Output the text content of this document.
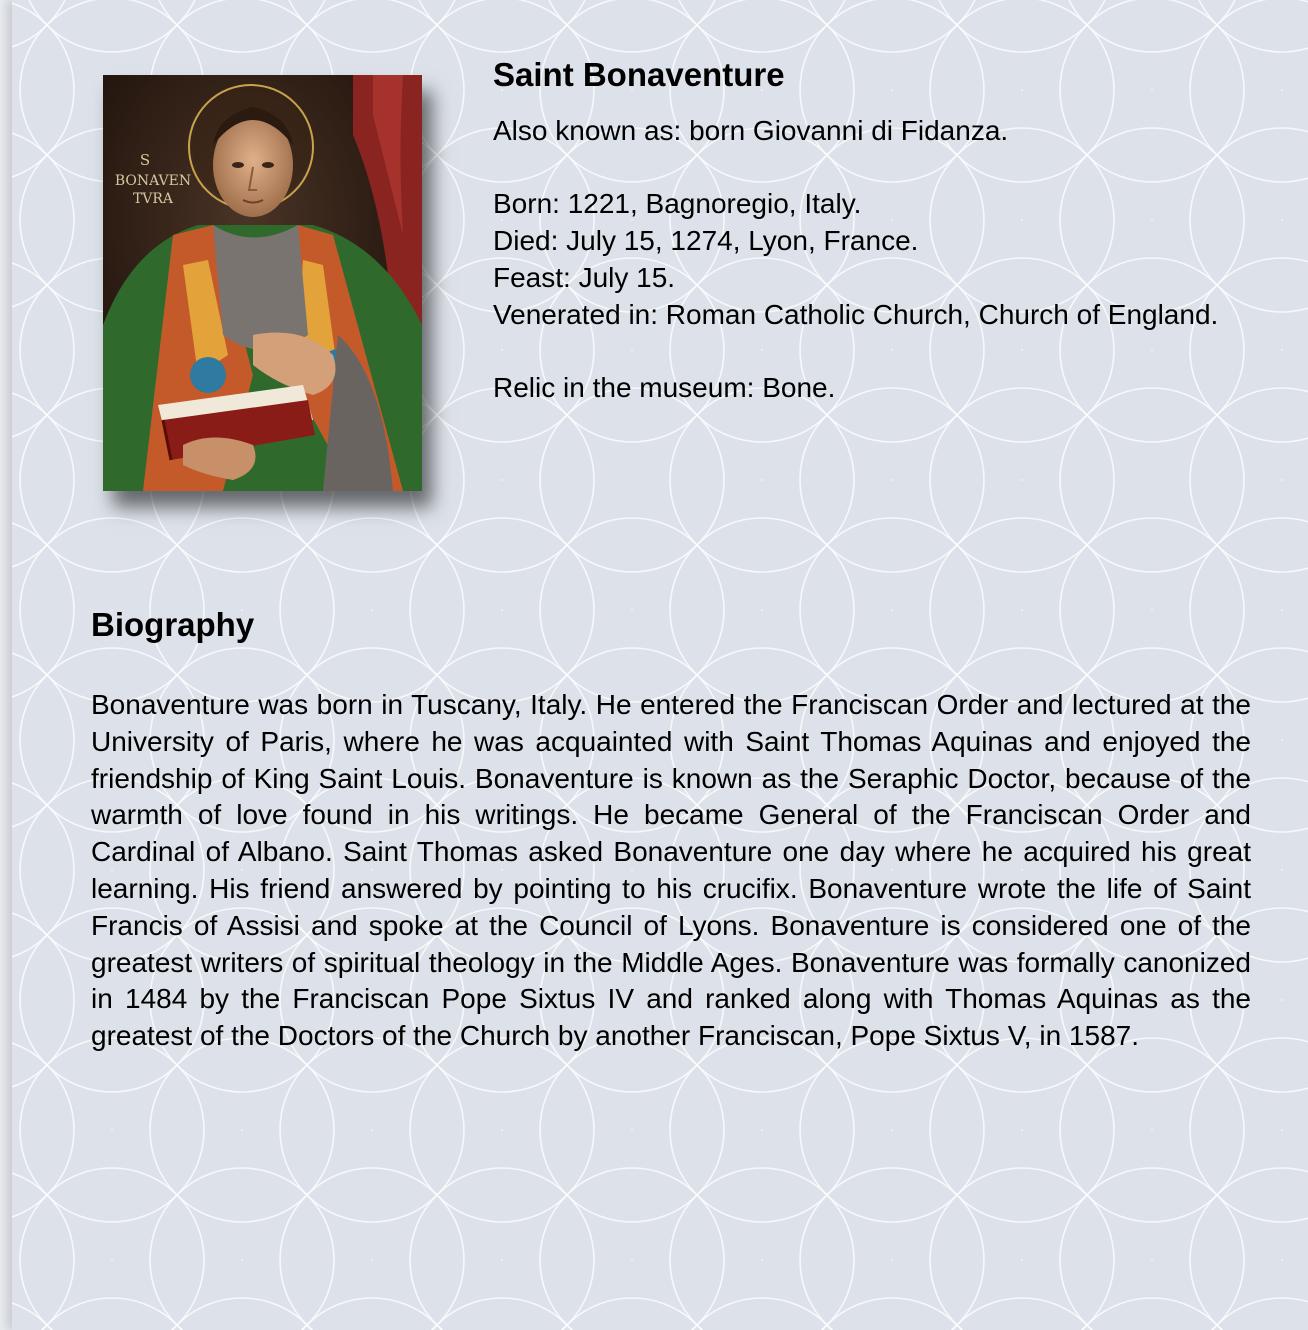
S
BONAVEN
TVRA
Saint Bonaventure

Also known as: born Giovanni di Fidanza.

Born: 1221, Bagnoregio, Italy.

Died: July 15, 1274, Lyon, France.

Feast: July 15.

Venerated in: Roman Catholic Church, Church of England.

Relic in the museum: Bone.

Biography

Bonaventure was born in Tuscany, Italy. He entered the Franciscan Order and lectured at the University of Paris, where he was acquainted with Saint Thomas Aquinas and enjoyed the friendship of King Saint Louis. Bonaventure is known as the Seraphic Doctor, because of the warmth of love found in his writings. He became General of the Franciscan Order and Cardinal of Albano. Saint Thomas asked Bonaventure one day where he acquired his great learning. His friend answered by pointing to his crucifix. Bonaventure wrote the life of Saint Francis of Assisi and spoke at the Council of Lyons. Bonaventure is considered one of the greatest writers of spiritual theology in the Middle Ages. Bonaventure was formally canonized in 1484 by the Franciscan Pope Sixtus IV and ranked along with Thomas Aquinas as the greatest of the Doctors of the Church by another Franciscan, Pope Sixtus V, in 1587.
